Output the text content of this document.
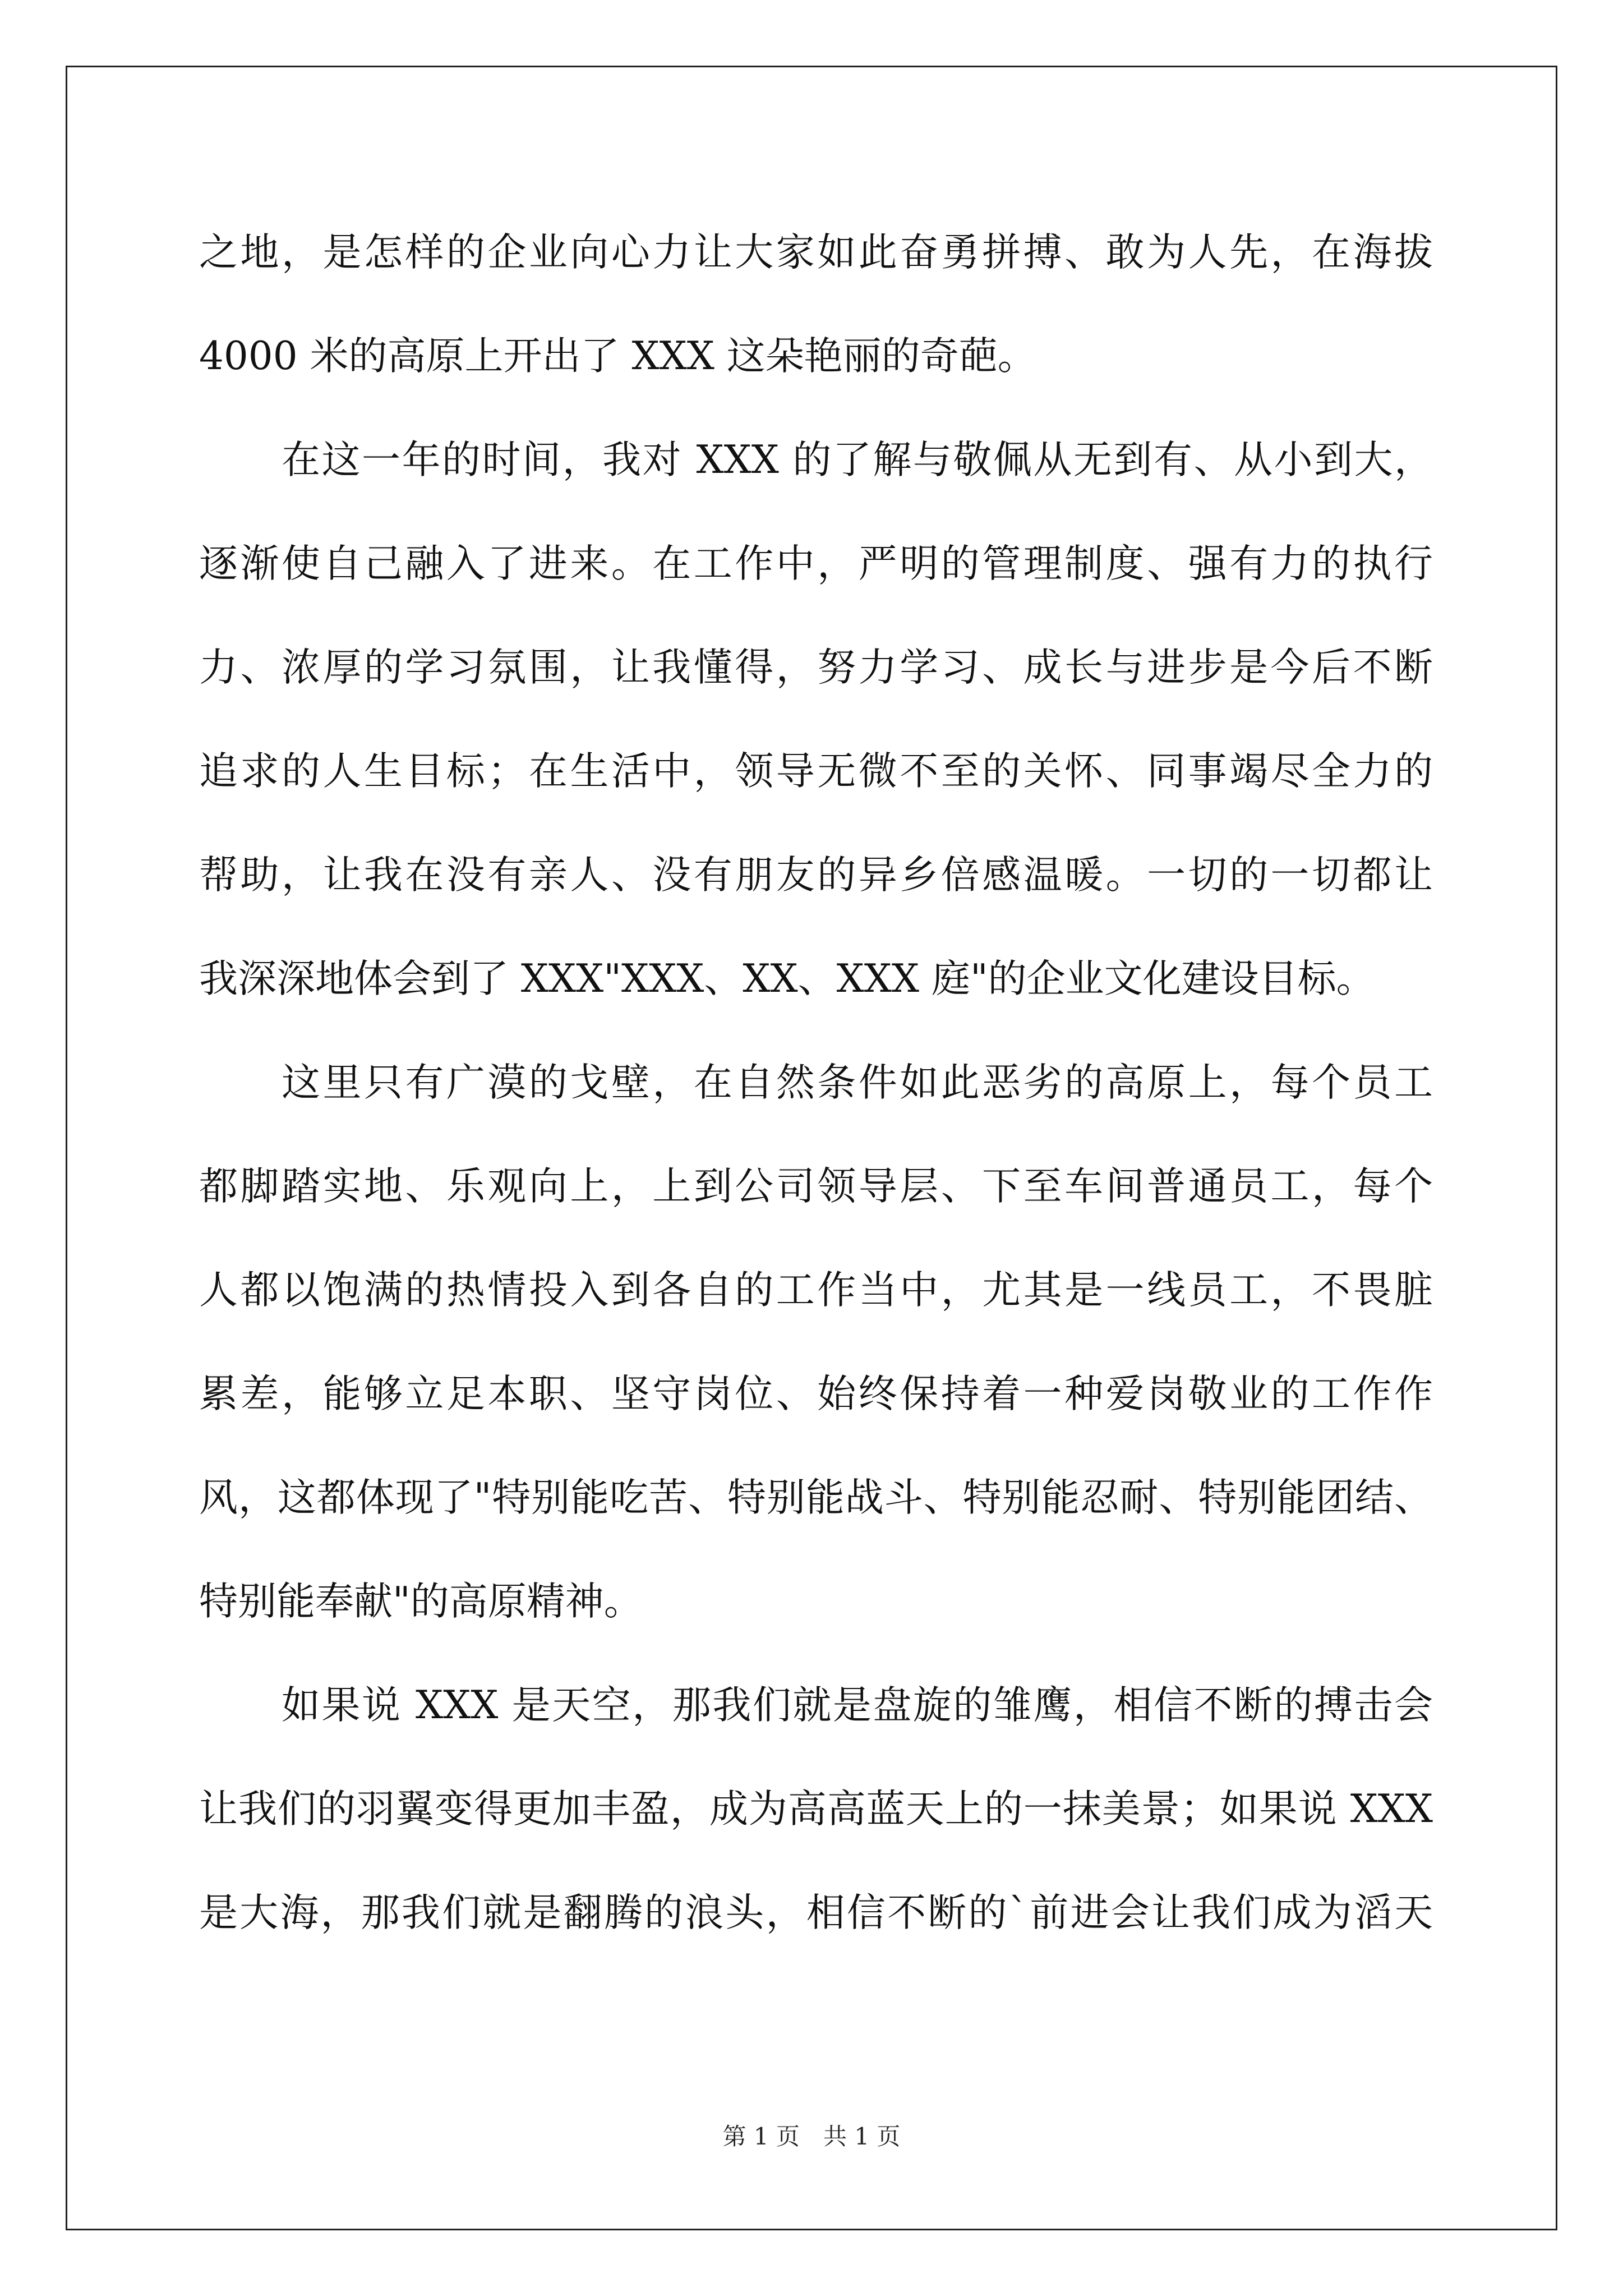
之地，是怎样的企业向心力让大家如此奋勇拼搏、敢为人先，在海拔
4000 米的高原上开出了 XXX 这朵艳丽的奇葩。
在这一年的时间，我对 XXX 的了解与敬佩从无到有、从小到大，
逐渐使自己融入了进来。在工作中，严明的管理制度、强有力的执行
力、浓厚的学习氛围，让我懂得，努力学习、成长与进步是今后不断
追求的人生目标；在生活中，领导无微不至的关怀、同事竭尽全力的
帮助，让我在没有亲人、没有朋友的异乡倍感温暖。一切的一切都让
我深深地体会到了 XXX"XXX、XX、XXX 庭"的企业文化建设目标。
这里只有广漠的戈壁，在自然条件如此恶劣的高原上，每个员工
都脚踏实地、乐观向上，上到公司领导层、下至车间普通员工，每个
人都以饱满的热情投入到各自的工作当中，尤其是一线员工，不畏脏
累差，能够立足本职、坚守岗位、始终保持着一种爱岗敬业的工作作
风，这都体现了"特别能吃苦、特别能战斗、特别能忍耐、特别能团结、
特别能奉献"的高原精神。
如果说 XXX 是天空，那我们就是盘旋的雏鹰，相信不断的搏击会
让我们的羽翼变得更加丰盈，成为高高蓝天上的一抹美景；如果说 XXX
是大海，那我们就是翻腾的浪头，相信不断的`前进会让我们成为滔天
第 1 页　共 1 页
